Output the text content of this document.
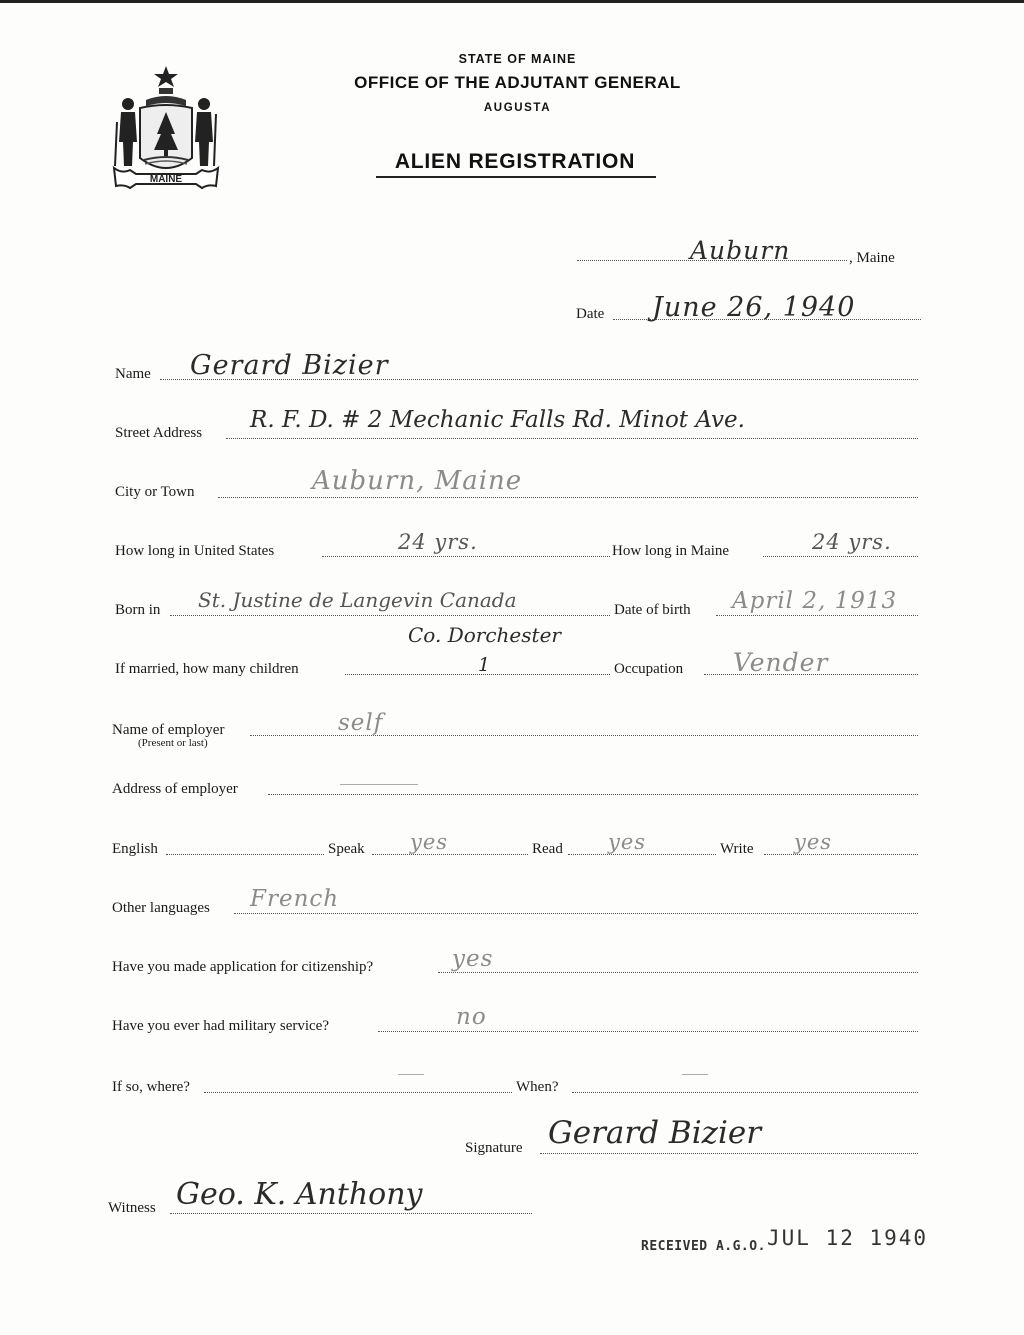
MAINE
STATE OF MAINE
OFFICE OF THE ADJUTANT GENERAL
AUGUSTA
ALIEN REGISTRATION
Auburn	, Maine
Date June 26, 1940
Name Gerard Bizier
Street Address R. F. D. # 2 Mechanic Falls Rd. Minot Ave.
City or Town	Auburn, Maine
How long in United States	24 yrs.	How long in Maine	24 yrs.
Born in St. Justine de Langevin Canada
Co. Dorchester
Date of birth April 2, 1913
If married, how many children	1	Occupation Vender
Name of employer
(Present or last)
self
Address of employer
English	Speak yes	Read yes	Write yes
Other languages French
Have you made application for citizenship?	yes
Have you ever had military service?	no
If so, where?	When?
Signature Gerard Bizier
Witness Geo. K. Anthony
RECEIVED A.G.O. JUL 12 1940
